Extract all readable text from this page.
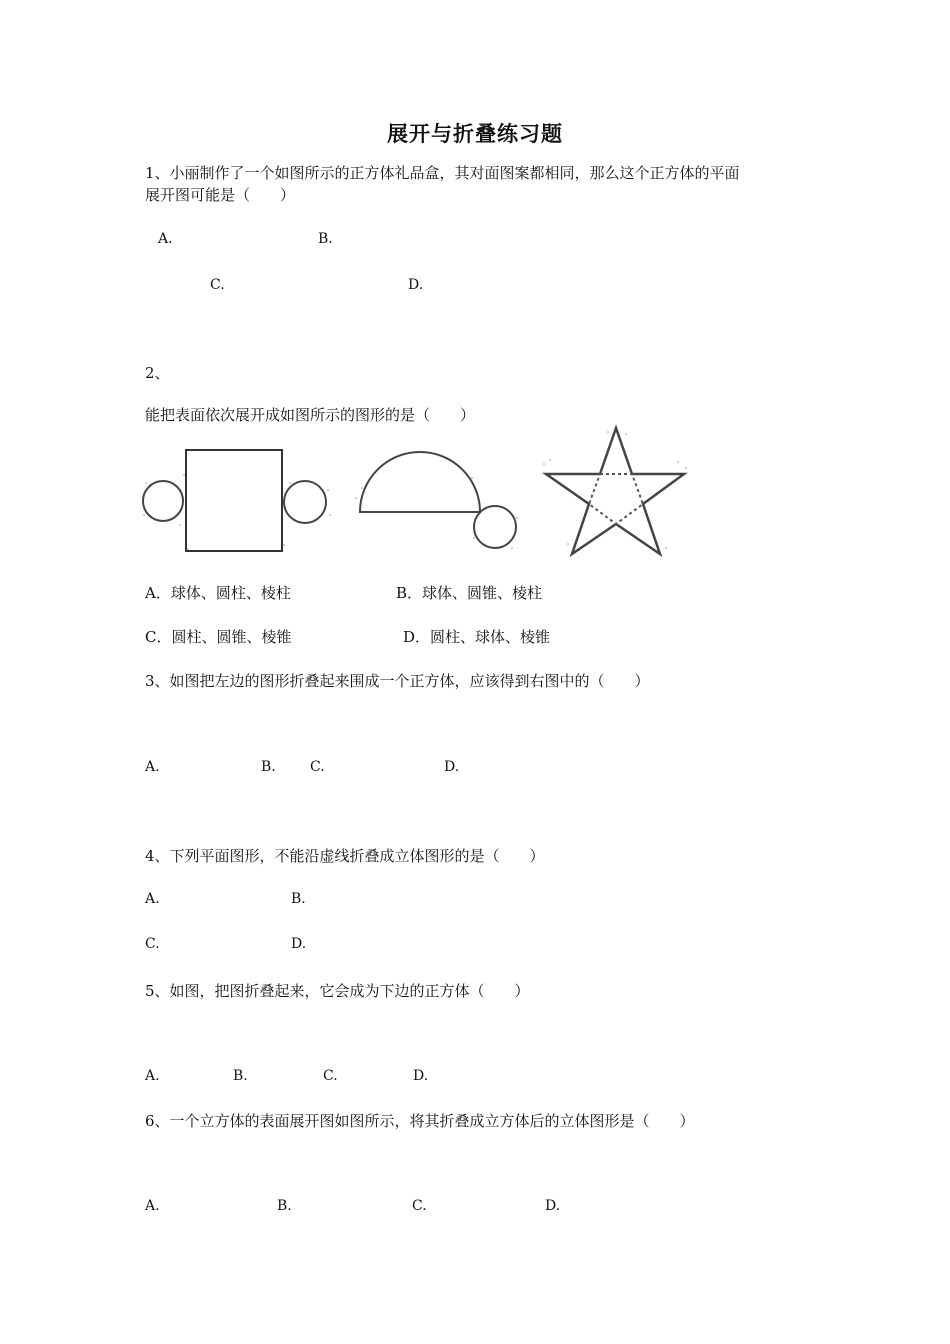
展开与折叠练习题
1、小丽制作了一个如图所示的正方体礼品盒，其对面图案都相同，那么这个正方体的平面
展开图可能是（　　）
A.	B.
C.	D.
2、
能把表面依次展开成如图所示的图形的是（　　）
A．球体、圆柱、棱柱	B．球体、圆锥、棱柱
C．圆柱、圆锥、棱锥	D．圆柱、球体、棱锥
3、如图把左边的图形折叠起来围成一个正方体，应该得到右图中的（　　）
A.	B. C.	D.
4、下列平面图形，不能沿虚线折叠成立体图形的是（　　）
A.	B.
C.	D.
5、如图，把图折叠起来，它会成为下边的正方体（　　）
A.	B.	C.	D.
6、一个立方体的表面展开图如图所示，将其折叠成立方体后的立体图形是（　　）
A.	B.	C.	D.
